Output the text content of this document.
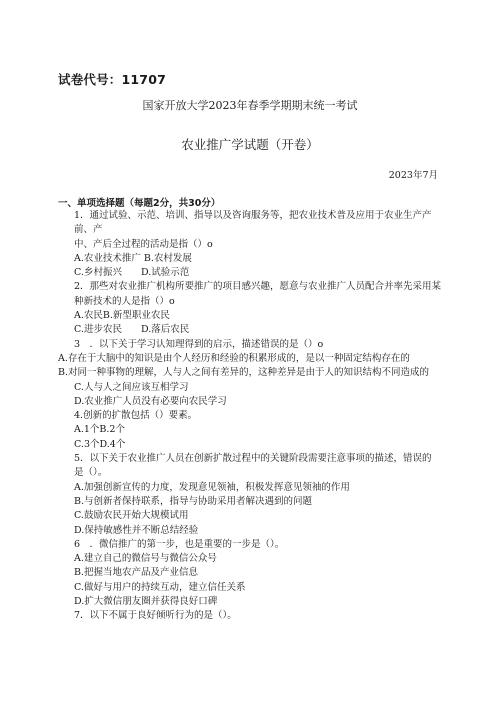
试卷代号：11707
国家开放大学2023年春季学期期末统一考试
农业推广学试题（开卷）
2023年7月
一、单项选择题（每题2分，共30分）
1．通过试验、示范、培训、指导以及咨询服务等，把农业技术普及应用于农业生产产前、产
中、产后全过程的活动是指（）o
A.农业技术推广 B.农村发展
C.乡村振兴　　D.试验示范
2．那些对农业推广机构所要推广的项目感兴趣，愿意与农业推广人员配合并率先采用某种新技术的人是指（）o
A.农民B.新型职业农民
C.进步农民　　D.落后农民
3　．以下关于学习认知理得到的启示，描述错误的是（）o
A.存在于大脑中的知识是由个人经历和经验的积累形成的，是以一种固定结构存在的
B.对同一种事物的理解，人与人之间有差异的，这种差异是由于人的知识结构不同造成的
C.人与人之间应该互相学习
D.农业推广人员没有必要向农民学习
4.创新的扩散包括（）要素。
A.1个B.2个
C.3个D.4个
5．以下关于农业推广人员在创新扩散过程中的关键阶段需要注意事项的描述，错误的
是（）。
A.加强创新宣传的力度，发现意见领袖，积极发挥意见领袖的作用
B.与创新者保持联系，指导与协助采用者解决遇到的问题
C.鼓励农民开始大规模试用
D.保持敏感性并不断总结经验
6　．微信推广的第一步，也是重要的一步是（）。
A.建立自己的微信号与微信公众号
B.把握当地农产品及产业信息
C.做好与用户的持续互动，建立信任关系
D.扩大微信朋友圈并获得良好口碑
7．以下不属于良好倾听行为的是（）。
